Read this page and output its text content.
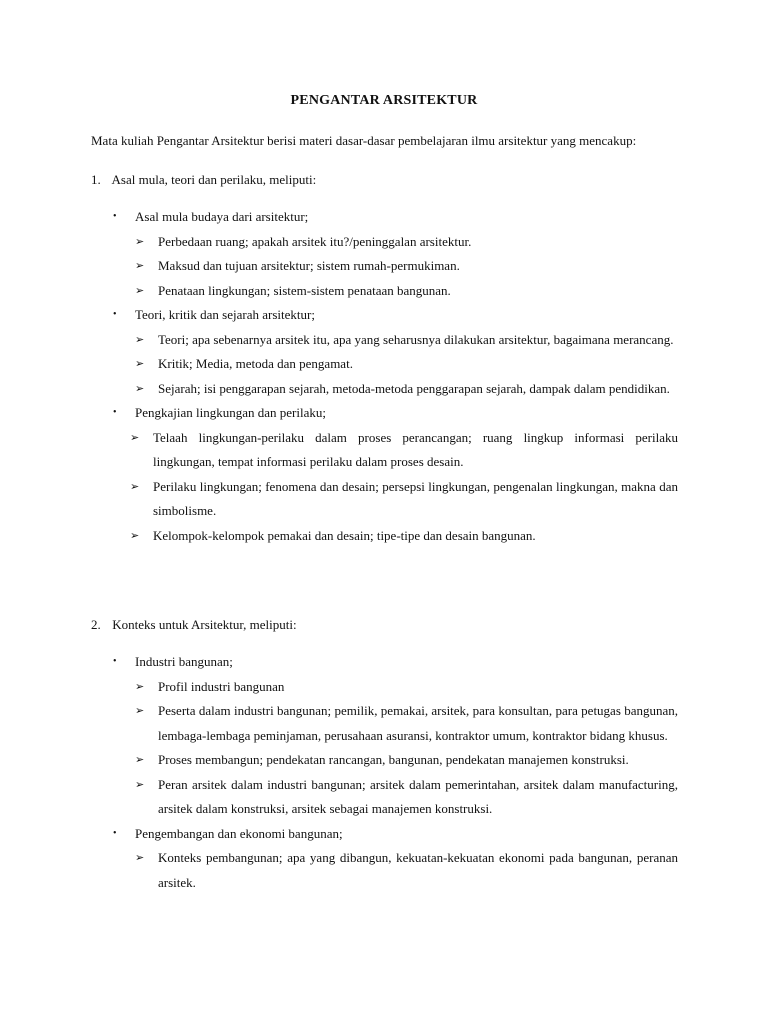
PENGANTAR ARSITEKTUR
Mata kuliah Pengantar Arsitektur berisi materi dasar-dasar pembelajaran ilmu arsitektur yang mencakup:
1. Asal mula, teori dan perilaku, meliputi:
• Asal mula budaya dari arsitektur;
➢ Perbedaan ruang; apakah arsitek itu?/peninggalan arsitektur.
➢ Maksud dan tujuan arsitektur; sistem rumah-permukiman.
➢ Penataan lingkungan; sistem-sistem penataan bangunan.
• Teori, kritik dan sejarah arsitektur;
➢ Teori; apa sebenarnya arsitek itu, apa yang seharusnya dilakukan arsitektur, bagaimana merancang.
➢ Kritik; Media, metoda dan pengamat.
➢ Sejarah; isi penggarapan sejarah, metoda-metoda penggarapan sejarah, dampak dalam pendidikan.
• Pengkajian lingkungan dan perilaku;
➢ Telaah lingkungan-perilaku dalam proses perancangan; ruang lingkup informasi perilaku lingkungan, tempat informasi perilaku dalam proses desain.
➢ Perilaku lingkungan; fenomena dan desain; persepsi lingkungan, pengenalan lingkungan, makna dan simbolisme.
➢ Kelompok-kelompok pemakai dan desain; tipe-tipe dan desain bangunan.
2. Konteks untuk Arsitektur, meliputi:
• Industri bangunan;
➢ Profil industri bangunan
➢ Peserta dalam industri bangunan; pemilik, pemakai, arsitek, para konsultan, para petugas bangunan, lembaga-lembaga peminjaman, perusahaan asuransi, kontraktor umum, kontraktor bidang khusus.
➢ Proses membangun; pendekatan rancangan, bangunan, pendekatan manajemen konstruksi.
➢ Peran arsitek dalam industri bangunan; arsitek dalam pemerintahan, arsitek dalam manufacturing, arsitek dalam konstruksi, arsitek sebagai manajemen konstruksi.
• Pengembangan dan ekonomi bangunan;
➢ Konteks pembangunan; apa yang dibangun, kekuatan-kekuatan ekonomi pada bangunan, peranan arsitek.
